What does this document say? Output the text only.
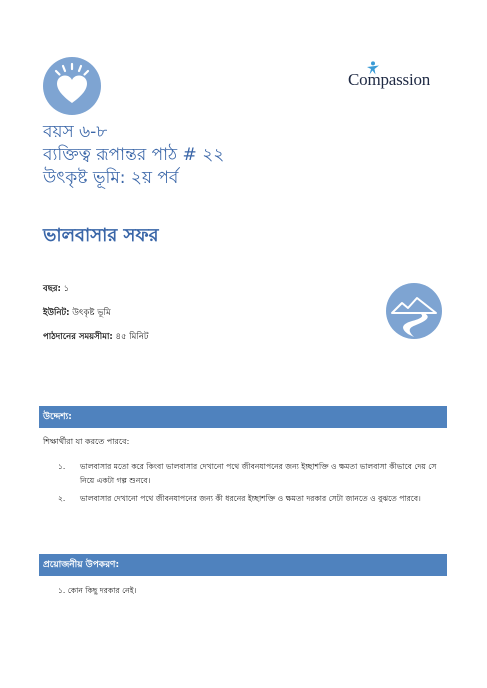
Compassion
বয়স ৬-৮
ব্যক্তিত্ব রূপান্তর পাঠ # ২২
উৎকৃষ্ট ভূমি: ২য় পর্ব
ভালবাসার সফর
বছর: ১
ইউনিট: উৎকৃষ্ট ভূমি
পাঠদানের সময়সীমা: ৪৫ মিনিট
উদ্দেশ্য:
শিক্ষার্থীরা যা করতে পারবে:
১. ভালবাসার মতো করে কিংবা ভালবাসার দেখানো পথে জীবনযাপনের জন্য ইচ্ছাশক্তি ও ক্ষমতা ভালবাসা কীভাবে দেয় সে নিয়ে একটা গল্প শুনবে।
২. ভালবাসার দেখানো পথে জীবনযাপনের জন্য কী ধরনের ইচ্ছাশক্তি ও ক্ষমতা দরকার সেটা জানতে ও বুঝতে পারবে।
প্রয়োজনীয় উপকরণ:
১. কোন কিছু দরকার নেই।
